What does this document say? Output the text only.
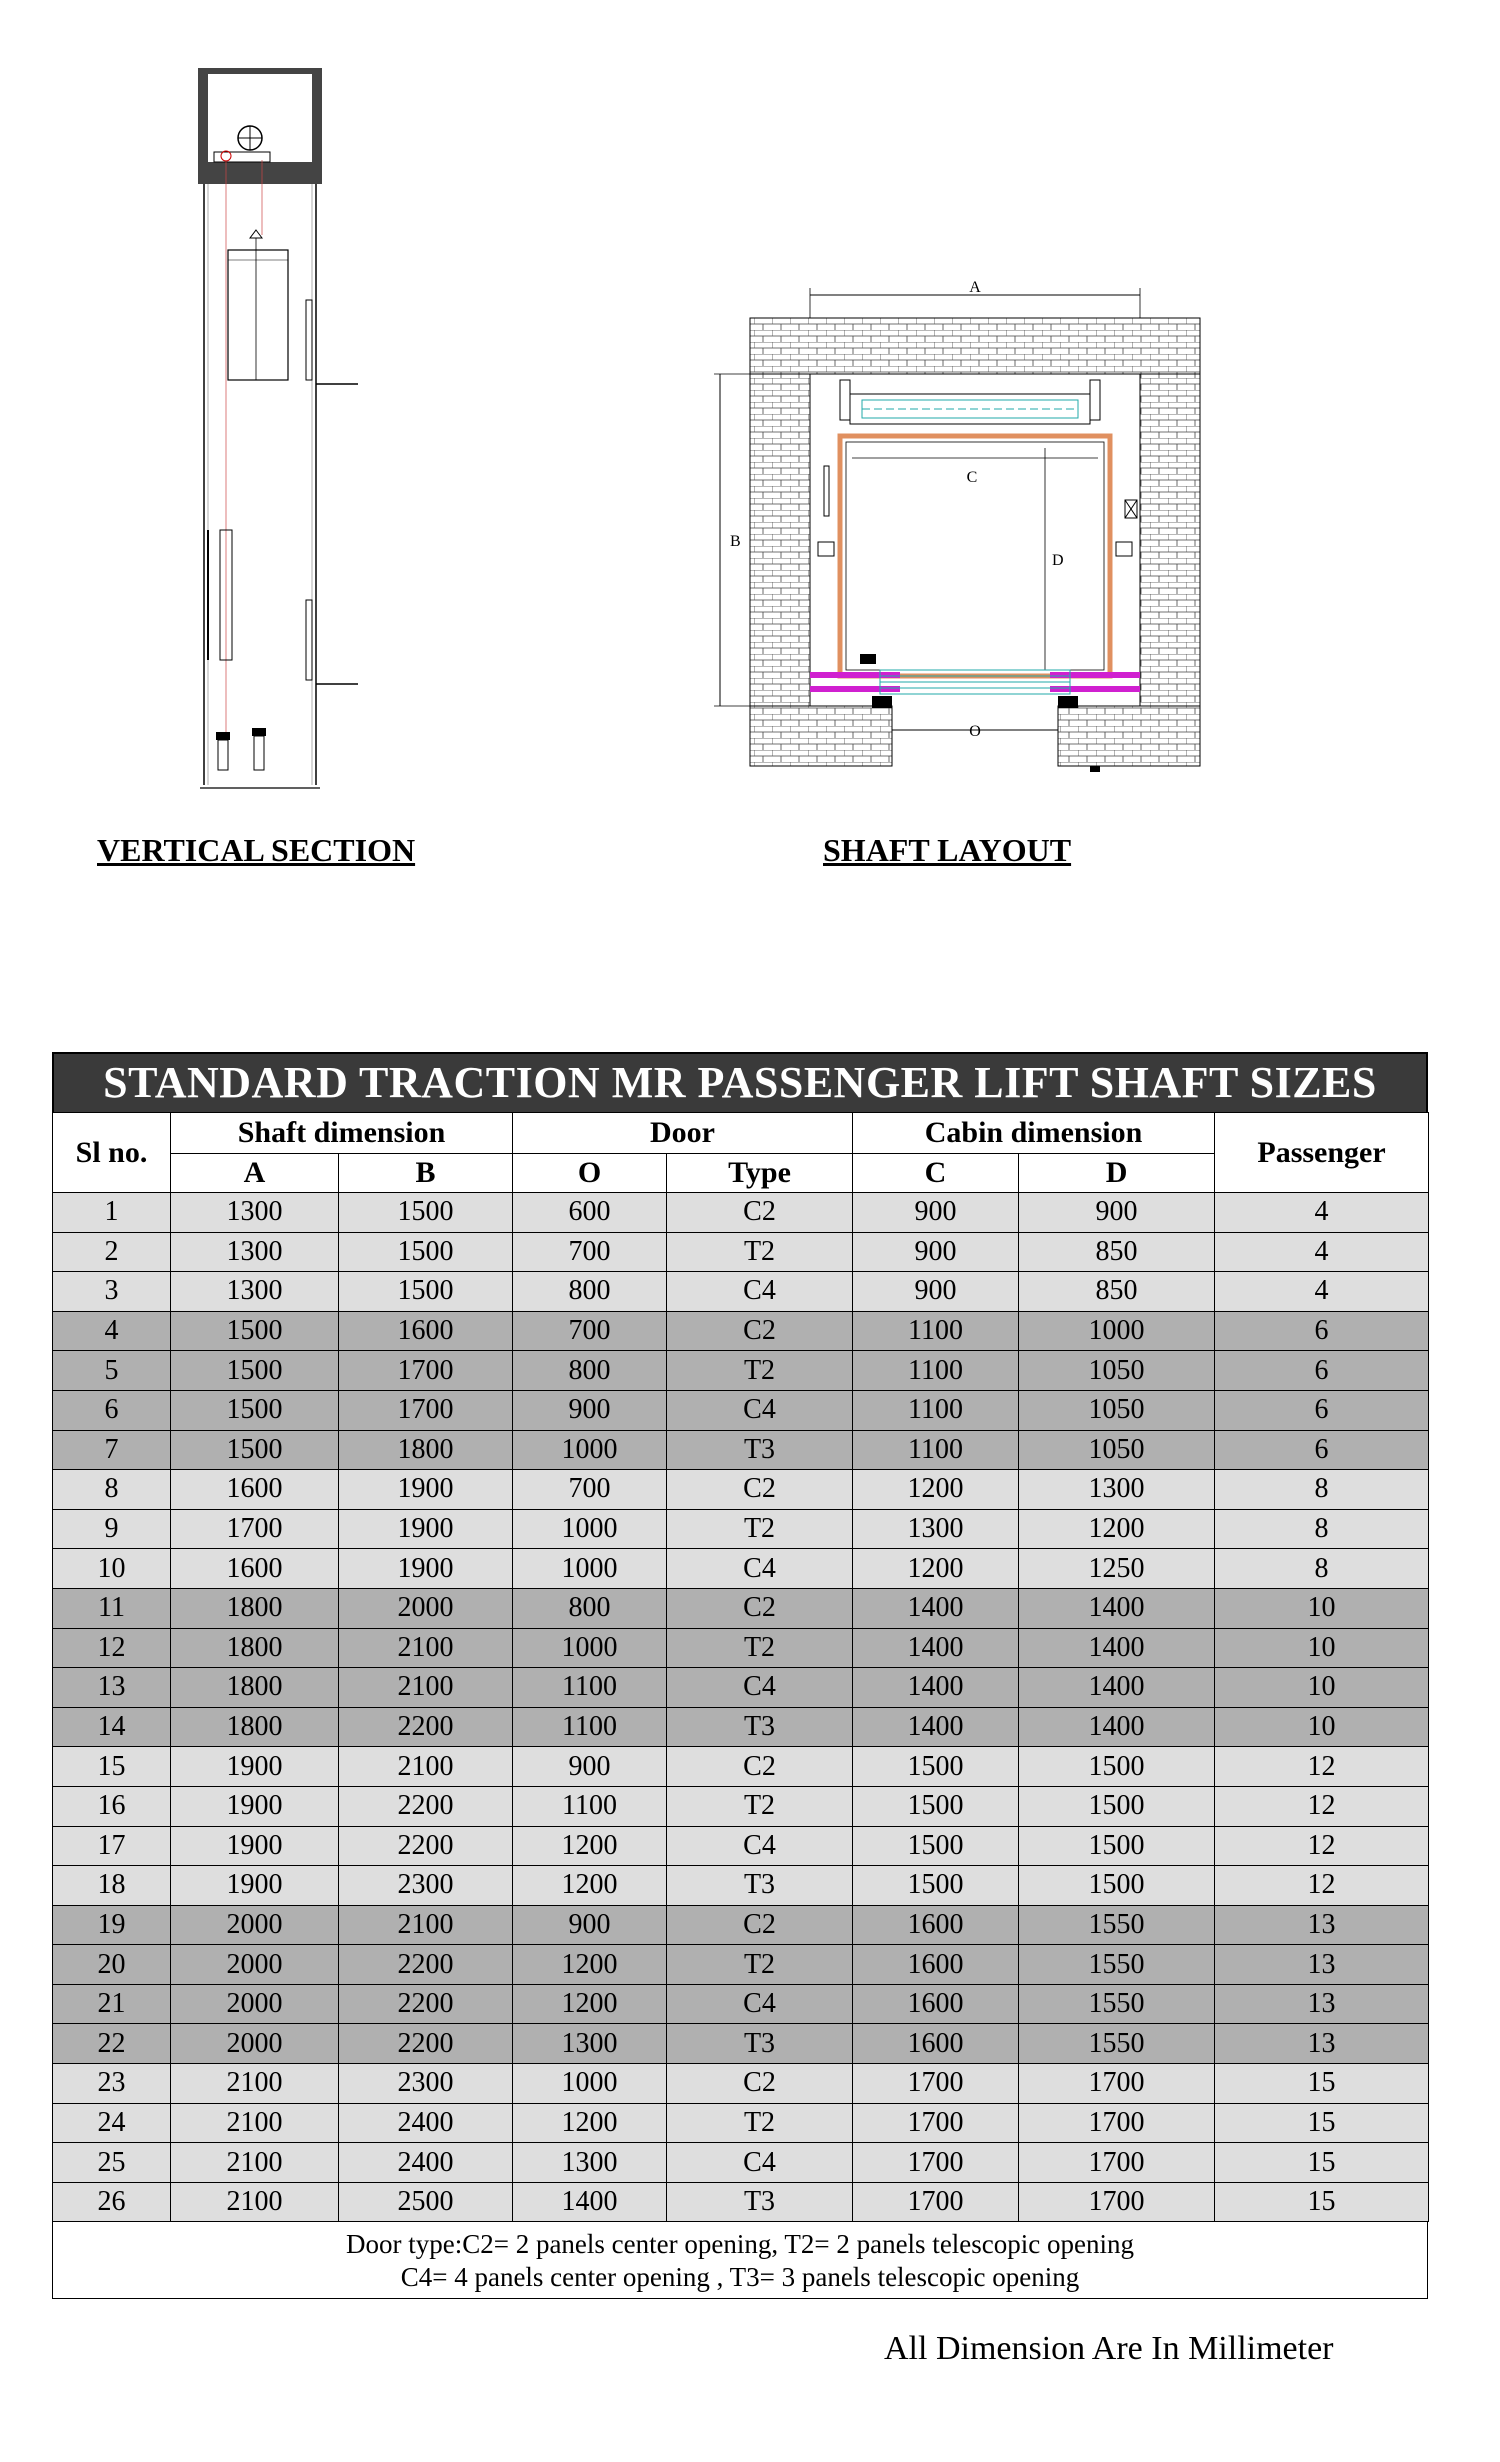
A
B
C
D
O
VERTICAL SECTION	SHAFT LAYOUT
STANDARD TRACTION MR PASSENGER LIFT SHAFT SIZES
Sl no.	Shaft dimension		Door		Cabin dimension		Passenger
	A	B	O	Type	C	D	
1	1300	1500	600	C2	900	900	4
2	1300	1500	700	T2	900	850	4
3	1300	1500	800	C4	900	850	4
4	1500	1600	700	C2	1100	1000	6
5	1500	1700	800	T2	1100	1050	6
6	1500	1700	900	C4	1100	1050	6
7	1500	1800	1000	T3	1100	1050	6
8	1600	1900	700	C2	1200	1300	8
9	1700	1900	1000	T2	1300	1200	8
10	1600	1900	1000	C4	1200	1250	8
11	1800	2000	800	C2	1400	1400	10
12	1800	2100	1000	T2	1400	1400	10
13	1800	2100	1100	C4	1400	1400	10
14	1800	2200	1100	T3	1400	1400	10
15	1900	2100	900	C2	1500	1500	12
16	1900	2200	1100	T2	1500	1500	12
17	1900	2200	1200	C4	1500	1500	12
18	1900	2300	1200	T3	1500	1500	12
19	2000	2100	900	C2	1600	1550	13
20	2000	2200	1200	T2	1600	1550	13
21	2000	2200	1200	C4	1600	1550	13
22	2000	2200	1300	T3	1600	1550	13
23	2100	2300	1000	C2	1700	1700	15
24	2100	2400	1200	T2	1700	1700	15
25	2100	2400	1300	C4	1700	1700	15
26	2100	2500	1400	T3	1700	1700	15
Door type:C2= 2 panels center opening, T2= 2 panels telescopic opening
C4= 4 panels center opening , T3= 3 panels telescopic opening
All Dimension Are In Millimeter
